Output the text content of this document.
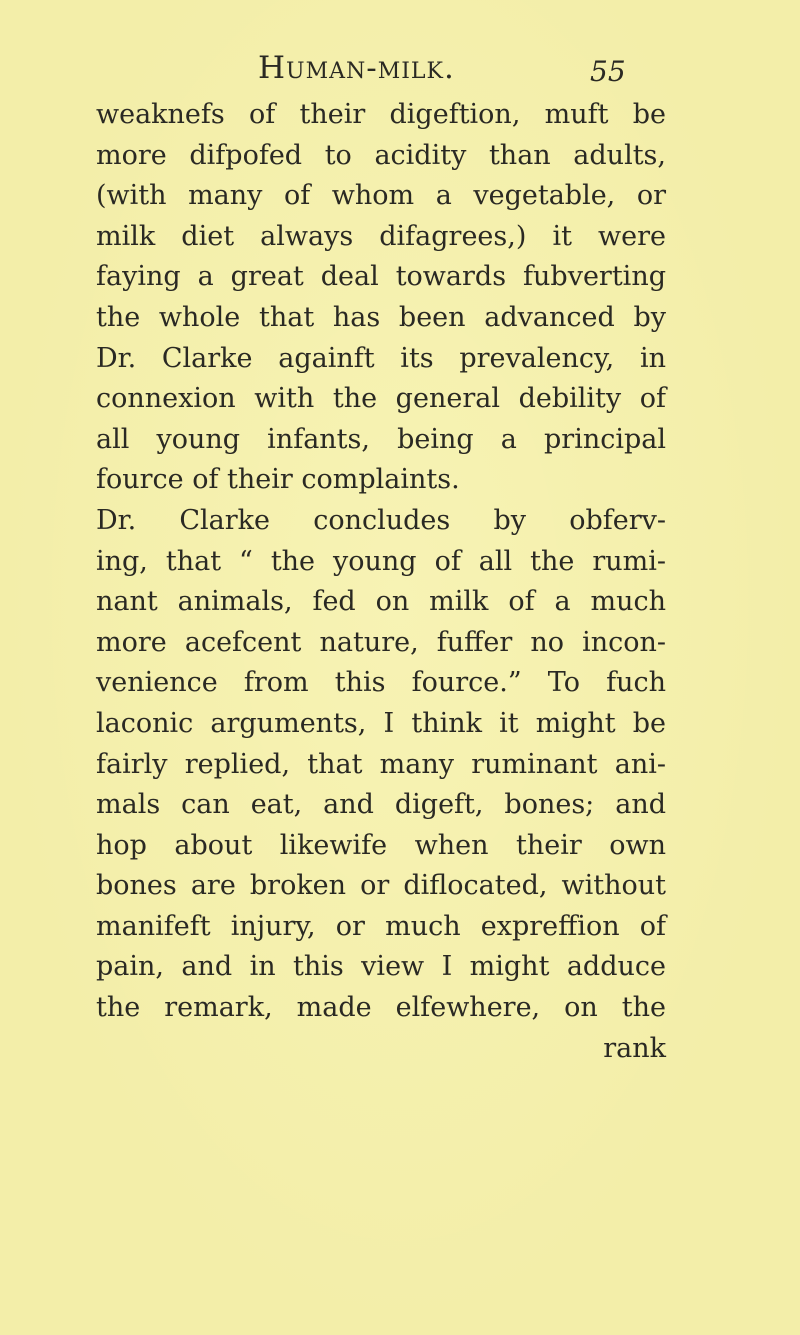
Human-milk.	55
weaknefs of their digeftion, muft be
more difpofed to acidity than adults,
(with many of whom a vegetable, or
milk diet always difagrees,) it were
faying a great deal towards fubverting
the whole that has been advanced by
Dr. Clarke againft its prevalency, in
connexion with the general debility of
all young infants, being a principal
fource of their complaints.
Dr. Clarke concludes by obferv-
ing, that “ the young of all the rumi-
nant animals, fed on milk of a much
more acefcent nature, fuffer no incon-
venience from this fource.” To fuch
laconic arguments, I think it might be
fairly replied, that many ruminant ani-
mals can eat, and digeft, bones; and
hop about likewife when their own
bones are broken or diflocated, without
manifeft injury, or much expreffion of
pain, and in this view I might adduce
the remark, made elfewhere, on the
rank
